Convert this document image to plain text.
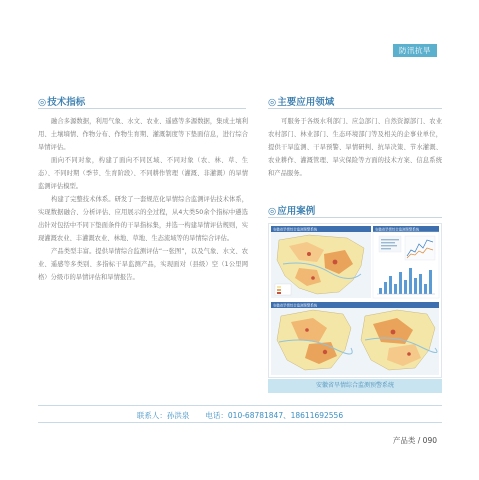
防汛抗旱
◎技术指标

融合多源数据，利用气象、水文、农业、遥感等多源数据，集成土壤利用、土壤墒情、作物分布、作物生育期、灌溉制度等下垫面信息，进行综合旱情评估。

面向不同对象，构建了面向不同区域、不同对象（农、林、草、生态）、不同时期（季节、生育阶段）、不同耕作管理（灌溉、非灌溉）的旱情监测评估模型。

构建了完整技术体系。研发了一套规范化旱情综合监测评估技术体系，实现数据融合、分析评估、应用展示的全过程，从4大类50余个指标中遴选出针对包括中不同下垫面条件的干旱指标集，并选一构建旱情评估规则，实现灌溉农业、丰灌溉农业、林地、草地、生态流域等的旱情综合评估。

产品类型丰富。提供旱情综合监测评估“一张图”，以及气象、水文、农业、遥感等多类别、多指标干旱监测产品，实现面对（县级）空（1公里网格）分级市的旱情评估和旱情报告。

◎主要应用领域

可服务于各级水利部门、应急部门、自然资源部门、农业农村部门、林业部门、生态环境部门等及相关的企事业单位，提供干旱监测、干旱预警、旱情研判、抗旱决策、节水灌溉、农业耕作、灌溉管理、旱灾保险等方面的技术方案、信息系统和产品服务。

◎应用案例
安徽省旱情综合监测预警系统	安徽省旱情综合监测预警系统
安徽省旱情综合监测预警系统
安徽省旱情综合监测预警系统
联系人：孙洪泉 电话：010-68781847、18611692556
产品类 / 090
